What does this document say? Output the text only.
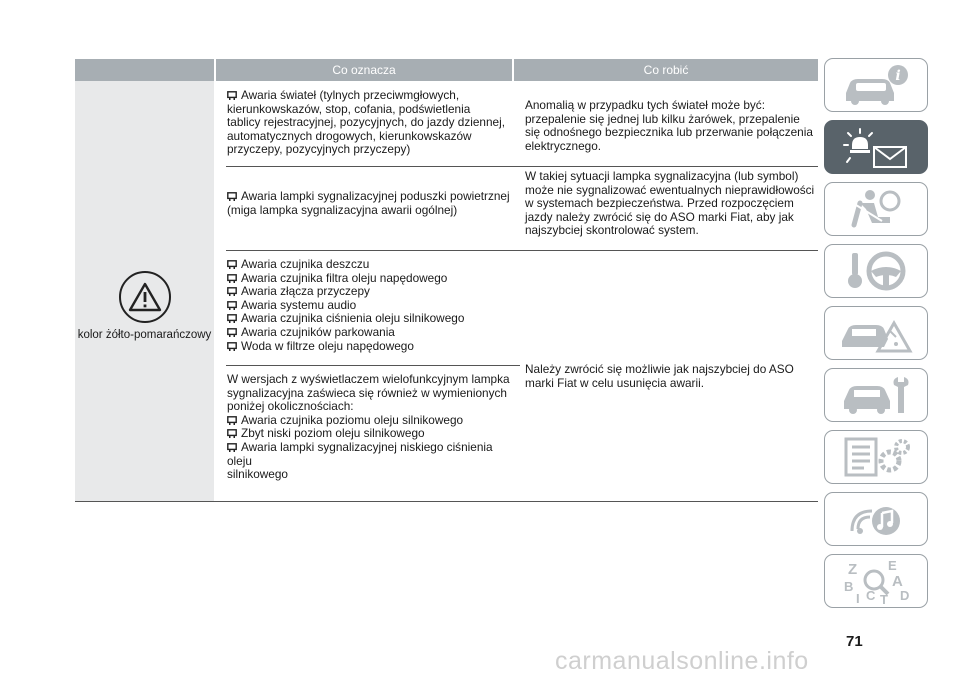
Co oznacza	Co robić
kolor żółto-pomarańczowy
Awaria świateł (tylnych przeciwmgłowych,
kierunkowskazów, stop, cofania, podświetlenia
tablicy rejestracyjnej, pozycyjnych, do jazdy dziennej,
automatycznych drogowych, kierunkowskazów
przyczepy, pozycyjnych przyczepy)
Anomalią w przypadku tych świateł może być:
przepalenie się jednej lub kilku żarówek, przepalenie
się odnośnego bezpiecznika lub przerwanie połączenia
elektrycznego.
Awaria lampki sygnalizacyjnej poduszki powietrznej
(miga lampka sygnalizacyjna awarii ogólnej)
W takiej sytuacji lampka sygnalizacyjna (lub symbol)
może nie sygnalizować ewentualnych nieprawidłowości
w systemach bezpieczeństwa. Przed rozpoczęciem
jazdy należy zwrócić się do ASO marki Fiat, aby jak
najszybciej skontrolować system.
Awaria czujnika deszczu
Awaria czujnika filtra oleju napędowego
Awaria złącza przyczepy
Awaria systemu audio
Awaria czujnika ciśnienia oleju silnikowego
Awaria czujników parkowania
Woda w filtrze oleju napędowego
W wersjach z wyświetlaczem wielofunkcyjnym lampka
sygnalizacyjna zaświeca się również w wymienionych
poniżej okolicznościach:
Awaria czujnika poziomu oleju silnikowego
Zbyt niski poziom oleju silnikowego
Awaria lampki sygnalizacyjnej niskiego ciśnienia oleju
silnikowego
Należy zwrócić się możliwie jak najszybciej do ASO
marki Fiat w celu usunięcia awarii.
i
Z E
B	A
I C T D
71
carmanualsonline.info
